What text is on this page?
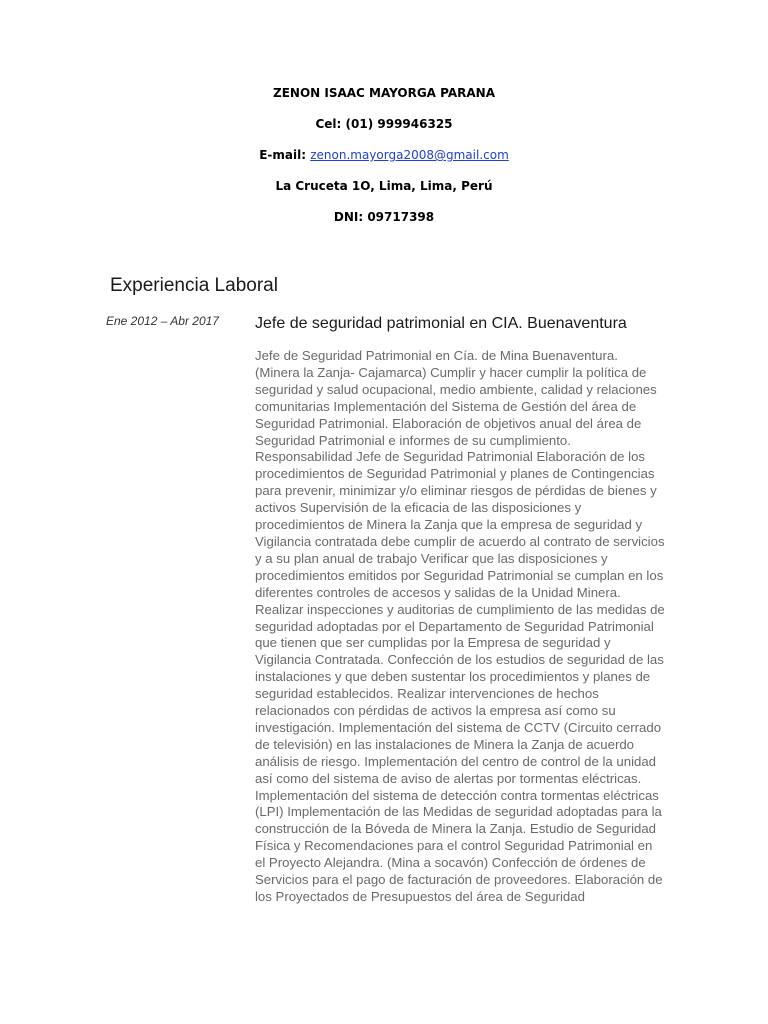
ZENON ISAAC MAYORGA PARANA
Cel: (01) 999946325
E-mail: zenon.mayorga2008@gmail.com
La Cruceta 1O, Lima, Lima, Perú
DNI: 09717398
Experiencia Laboral
Ene 2012 – Abr 2017 Jefe de seguridad patrimonial en CIA. Buenaventura
Jefe de Seguridad Patrimonial en Cía. de Mina Buenaventura. (Minera la Zanja- Cajamarca) Cumplir y hacer cumplir la política de seguridad y salud ocupacional, medio ambiente, calidad y relaciones comunitarias Implementación del Sistema de Gestión del área de Seguridad Patrimonial. Elaboración de objetivos anual del área de Seguridad Patrimonial e informes de su cumplimiento. Responsabilidad Jefe de Seguridad Patrimonial Elaboración de los procedimientos de Seguridad Patrimonial y planes de Contingencias para prevenir, minimizar y/o eliminar riesgos de pérdidas de bienes y activos Supervisión de la eficacia de las disposiciones y procedimientos de Minera la Zanja que la empresa de seguridad y Vigilancia contratada debe cumplir de acuerdo al contrato de servicios y a su plan anual de trabajo Verificar que las disposiciones y procedimientos emitidos por Seguridad Patrimonial se cumplan en los diferentes controles de accesos y salidas de la Unidad Minera. Realizar inspecciones y auditorias de cumplimiento de las medidas de seguridad adoptadas por el Departamento de Seguridad Patrimonial que tienen que ser cumplidas por la Empresa de seguridad y Vigilancia Contratada. Confección de los estudios de seguridad de las instalaciones y que deben sustentar los procedimientos y planes de seguridad establecidos. Realizar intervenciones de hechos relacionados con pérdidas de activos la empresa así como su investigación. Implementación del sistema de CCTV (Circuito cerrado de televisión) en las instalaciones de Minera la Zanja de acuerdo análisis de riesgo. Implementación del centro de control de la unidad así como del sistema de aviso de alertas por tormentas eléctricas. Implementación del sistema de detección contra tormentas eléctricas (LPI) Implementación de las Medidas de seguridad adoptadas para la construcción de la Bóveda de Minera la Zanja. Estudio de Seguridad Física y Recomendaciones para el control Seguridad Patrimonial en el Proyecto Alejandra. (Mina a socavón) Confección de órdenes de Servicios para el pago de facturación de proveedores. Elaboración de los Proyectados de Presupuestos del área de Seguridad
